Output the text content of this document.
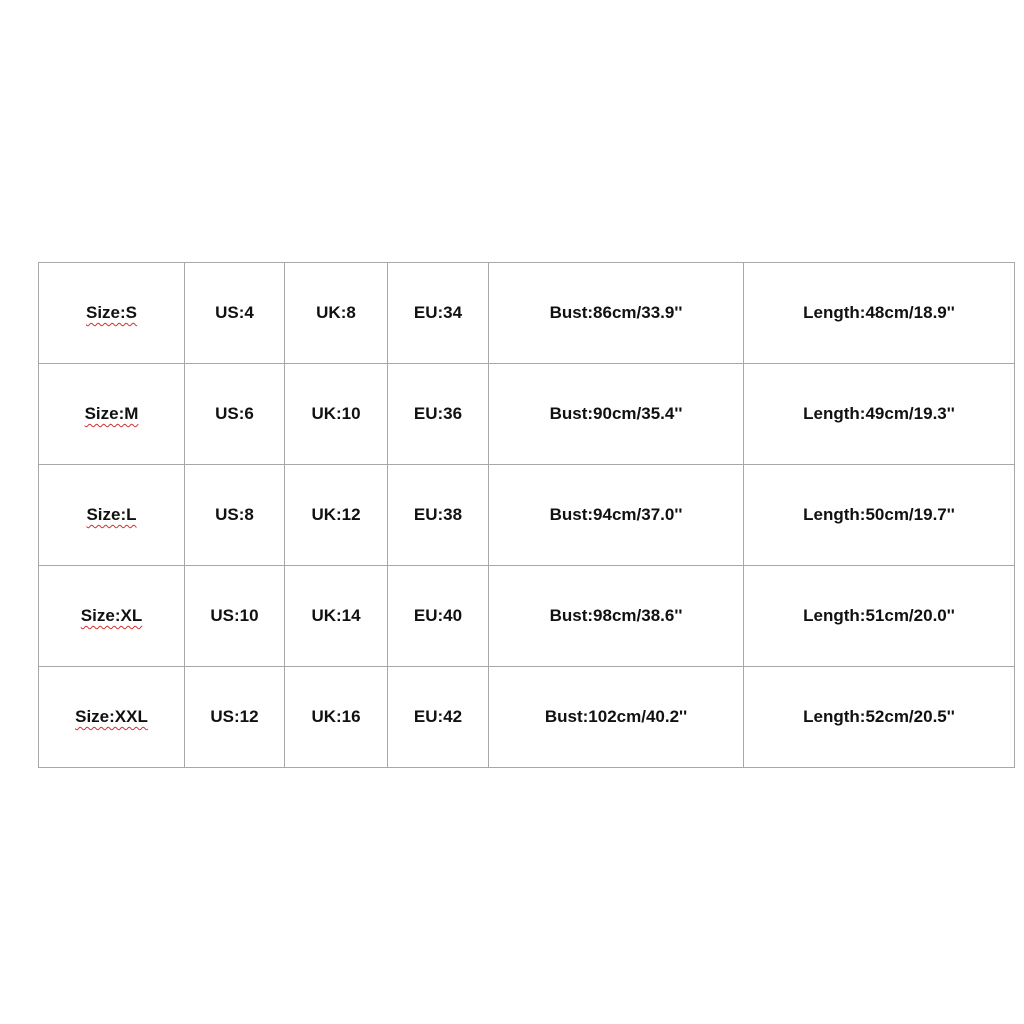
Size:S	US:4	UK:8	EU:34	Bust:86cm/33.9''	Length:48cm/18.9''
Size:M	US:6	UK:10	EU:36	Bust:90cm/35.4''	Length:49cm/19.3''
Size:L	US:8	UK:12	EU:38	Bust:94cm/37.0''	Length:50cm/19.7''
Size:XL	US:10	UK:14	EU:40	Bust:98cm/38.6''	Length:51cm/20.0''
Size:XXL	US:12	UK:16	EU:42	Bust:102cm/40.2''	Length:52cm/20.5''
